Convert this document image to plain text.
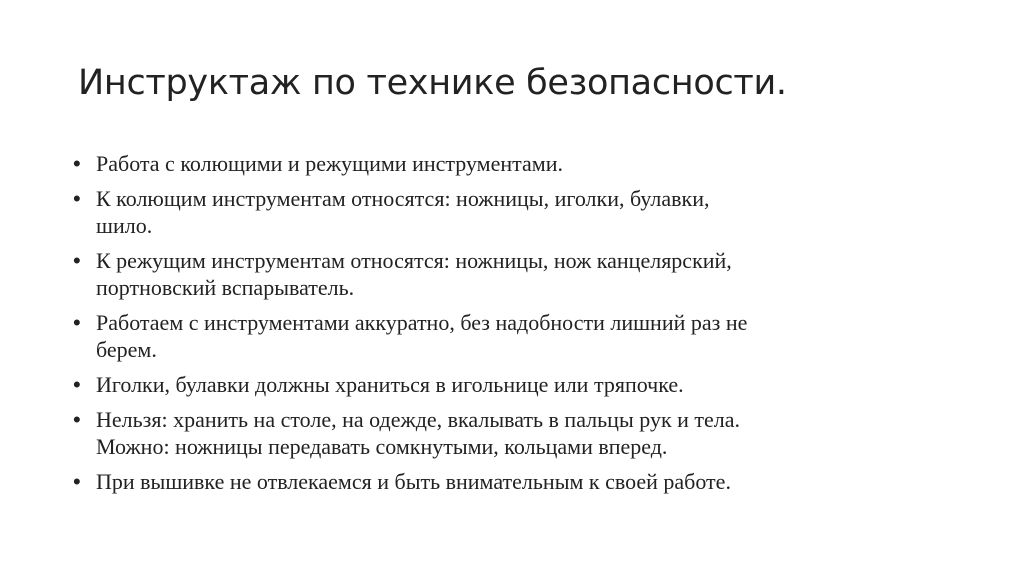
Инструктаж по технике безопасности.
• Работа с колющими и режущими инструментами.
• К колющим инструментам относятся: ножницы, иголки, булавки,
шило.
• К режущим инструментам относятся: ножницы, нож канцелярский,
портновский вспарыватель.
• Работаем с инструментами аккуратно, без надобности лишний раз не
берем.
• Иголки, булавки должны храниться в игольнице или тряпочке.
• Нельзя: хранить на столе, на одежде, вкалывать в пальцы рук и тела.
Можно: ножницы передавать сомкнутыми, кольцами вперед.
• При вышивке не отвлекаемся и быть внимательным к своей работе.
